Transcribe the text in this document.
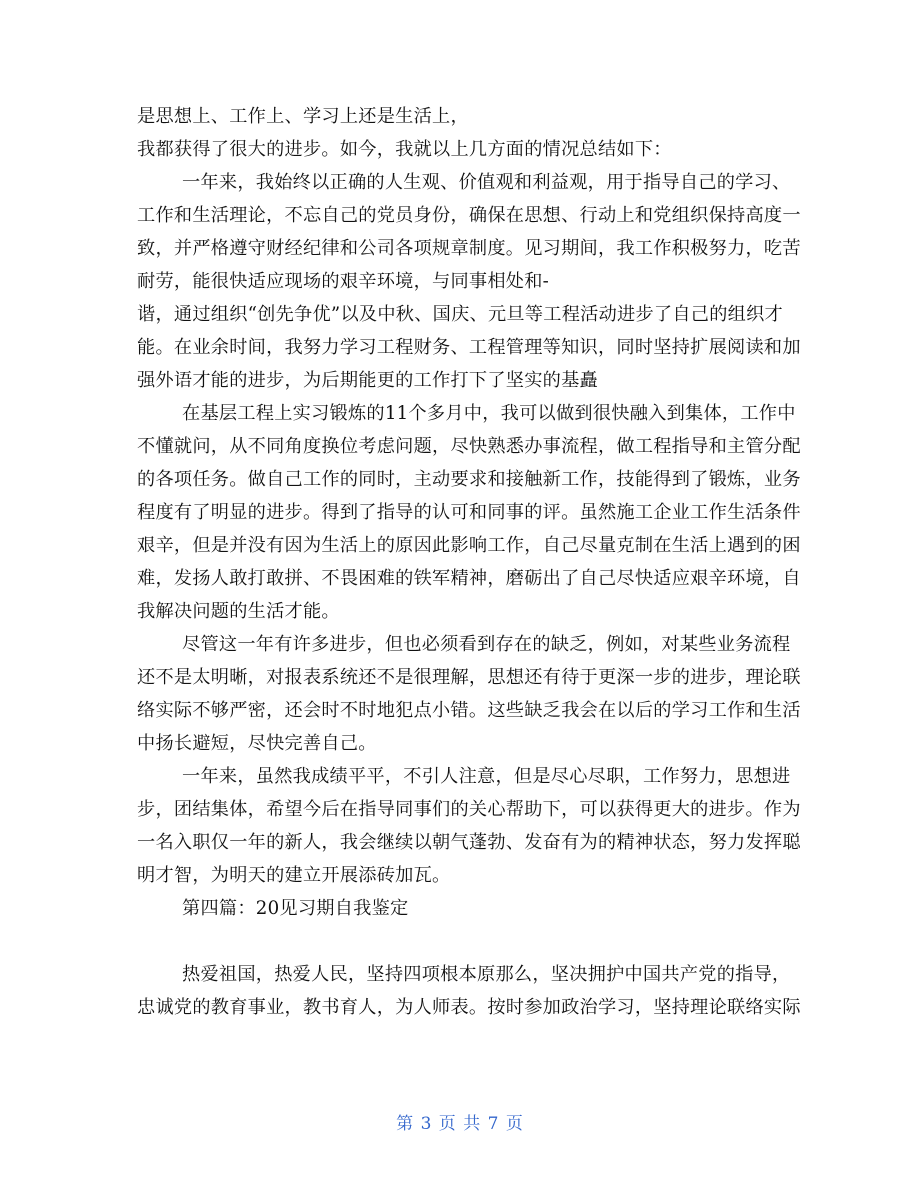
是思想上、工作上、学习上还是生活上，
我都获得了很大的进步。如今，我就以上几方面的情况总结如下：
一年来，我始终以正确的人生观、价值观和利益观，用于指导自己的学习、
工作和生活理论，不忘自己的党员身份，确保在思想、行动上和党组织保持高度一
致，并严格遵守财经纪律和公司各项规章制度。见习期间，我工作积极努力，吃苦
耐劳，能很快适应现场的艰辛环境，与同事相处和-
谐，通过组织“创先争优”以及中秋、国庆、元旦等工程活动进步了自己的组织才
能。在业余时间，我努力学习工程财务、工程管理等知识，同时坚持扩展阅读和加
强外语才能的进步，为后期能更的工作打下了坚实的基矗
在基层工程上实习锻炼的11个多月中，我可以做到很快融入到集体，工作中
不懂就问，从不同角度换位考虑问题，尽快熟悉办事流程，做工程指导和主管分配
的各项任务。做自己工作的同时，主动要求和接触新工作，技能得到了锻炼，业务
程度有了明显的进步。得到了指导的认可和同事的评。虽然施工企业工作生活条件
艰辛，但是并没有因为生活上的原因此影响工作，自己尽量克制在生活上遇到的困
难，发扬人敢打敢拼、不畏困难的铁军精神，磨砺出了自己尽快适应艰辛环境，自
我解决问题的生活才能。
尽管这一年有许多进步，但也必须看到存在的缺乏，例如，对某些业务流程
还不是太明晰，对报表系统还不是很理解，思想还有待于更深一步的进步，理论联
络实际不够严密，还会时不时地犯点小错。这些缺乏我会在以后的学习工作和生活
中扬长避短，尽快完善自己。
一年来，虽然我成绩平平，不引人注意，但是尽心尽职，工作努力，思想进
步，团结集体，希望今后在指导同事们的关心帮助下，可以获得更大的进步。作为
一名入职仅一年的新人，我会继续以朝气蓬勃、发奋有为的精神状态，努力发挥聪
明才智，为明天的建立开展添砖加瓦。
第四篇：20见习期自我鉴定
热爱祖国，热爱人民，坚持四项根本原那么，坚决拥护中国共产党的指导，
忠诚党的教育事业，教书育人，为人师表。按时参加政治学习，坚持理论联络实际
第 3 页 共 7 页
